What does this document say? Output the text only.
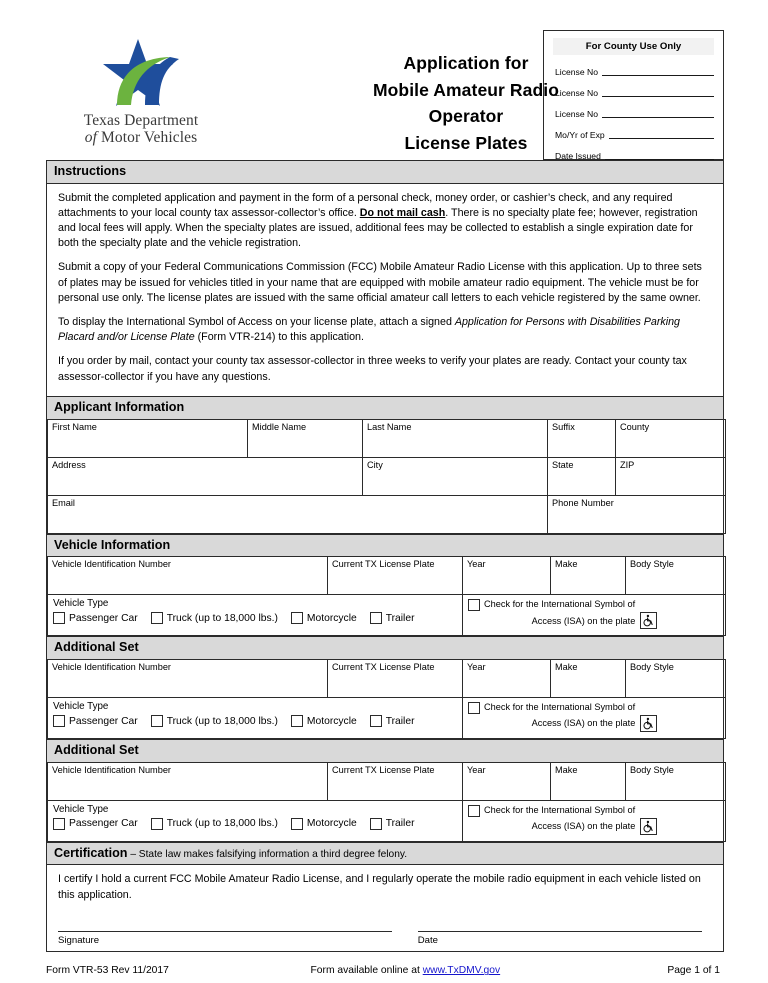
Texas Department
of Motor Vehicles
Application for
Mobile Amateur Radio
Operator
License Plates
For County Use Only
License No
License No
License No
Mo/Yr of Exp
Date Issued
Instructions

Submit the completed application and payment in the form of a personal check, money order, or cashier’s check, and any required attachments to your local county tax assessor-collector’s office. Do not mail cash. There is no specialty plate fee; however, registration and local fees will apply. When the specialty plates are issued, additional fees may be collected to establish a single expiration date for both the specialty plate and the vehicle registration.

Submit a copy of your Federal Communications Commission (FCC) Mobile Amateur Radio License with this application. Up to three sets of plates may be issued for vehicles titled in your name that are equipped with mobile amateur radio equipment. The vehicle must be for personal use only. The license plates are issued with the same official amateur call letters to each vehicle registered by the same owner.

To display the International Symbol of Access on your license plate, attach a signed Application for Persons with Disabilities Parking Placard and/or License Plate (Form VTR-214) to this application.

If you order by mail, contact your county tax assessor-collector in three weeks to verify your plates are ready. Contact your county tax assessor-collector if you have any questions.

Applicant Information
First Name	Middle Name	Last Name	Suffix	County
Address		City	State	ZIP
Email			Phone Number	
Vehicle Information
Vehicle Identification Number	Current TX License Plate	Year	Make	Body Style

Vehicle Type
Passenger Car	Truck (up to 18,000 lbs.)	Motorcycle	Trailer

Check for the International Symbol of
Access (ISA) on the plate
Additional Set
Vehicle Identification Number	Current TX License Plate	Year	Make	Body Style

Vehicle Type
Passenger Car	Truck (up to 18,000 lbs.)	Motorcycle	Trailer

Check for the International Symbol of
Access (ISA) on the plate
Additional Set
Vehicle Identification Number	Current TX License Plate	Year	Make	Body Style

Vehicle Type
Passenger Car	Truck (up to 18,000 lbs.)	Motorcycle	Trailer

Check for the International Symbol of
Access (ISA) on the plate
Certification – State law makes falsifying information a third degree felony.

I certify I hold a current FCC Mobile Amateur Radio License, and I regularly operate the mobile radio equipment in each vehicle listed on this application.

Signature	Date
Form VTR-53 Rev 11/2017	Form available online at www.TxDMV.gov	Page 1 of 1
